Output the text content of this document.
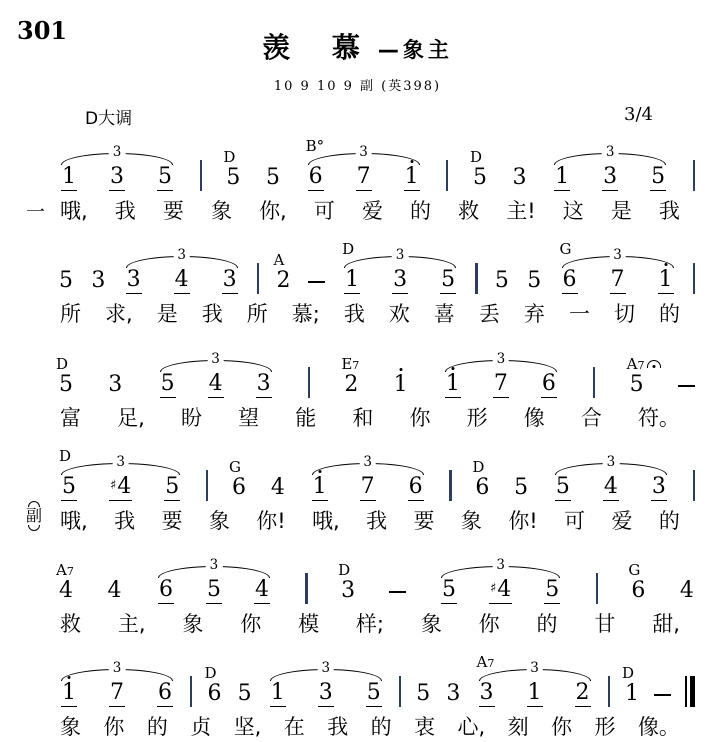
301
羡 慕—象主
10 9 10 9 副 (英398)
D大调	3/4
3
1 3 5
D
5 5
3
B°
6 7 1
D
5 3
3
1 3 5
一 哦, 我 要 象 你, 可 爱 的 救 主! 这 是 我
5 3
3
3 4 3
A
2
3
D
1 3 5 5 5
3
G
6 7 1
所 求, 是 我 所 慕; 我 欢 喜 丢 弃 一 切 的
D
5 3
3
5 4 3
E7
2 1
3
1 7 6
A7
5
富 足, 盼 望 能 和 你 形 像 合 符。
3
D
5	♯4 5
G
6 4
3
1 7 6
D
6 5
3
5 4 3
副 哦, 我 要 象 你! 哦, 我 要 象 你! 可 爱 的
A7
4 4
3
6 5 4
D
3
3
5	♯4 5
G
6 4
救 主, 象 你 模 样; 象 你 的 甘 甜,
3
1 7 6
D
6 5
3
1 3 5 5 3
3
A7
3 1 2
D
1
象 你 的 贞 坚, 在 我 的 衷 心, 刻 你 形 像。
